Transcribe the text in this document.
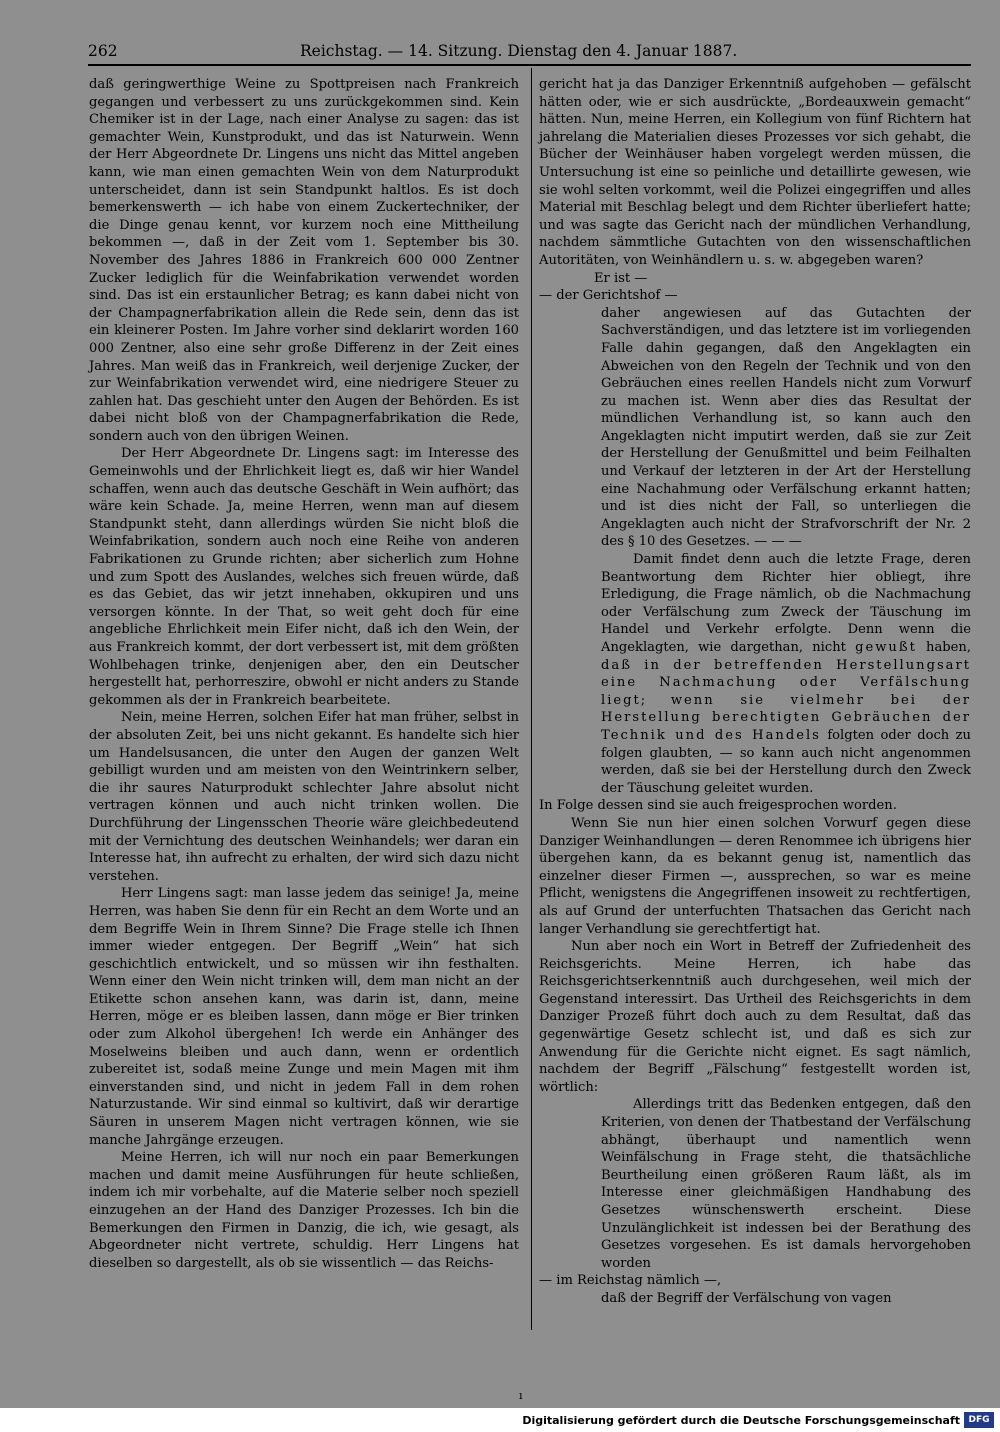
262	Reichstag. — 14. Sitzung. Dienstag den 4. Januar 1887.

daß geringwerthige Weine zu Spottpreisen nach Frankreich gegangen und verbessert zu uns zurückgekommen sind. Kein Chemiker ist in der Lage, nach einer Analyse zu sagen: das ist gemachter Wein, Kunstprodukt, und das ist Naturwein. Wenn der Herr Abgeordnete Dr. Lingens uns nicht das Mittel angeben kann, wie man einen gemachten Wein von dem Naturprodukt unterscheidet, dann ist sein Standpunkt haltlos. Es ist doch bemerkenswerth — ich habe von einem Zuckertechniker, der die Dinge genau kennt, vor kurzem noch eine Mittheilung bekommen —, daß in der Zeit vom 1. September bis 30. November des Jahres 1886 in Frankreich 600 000 Zentner Zucker lediglich für die Weinfabrikation verwendet worden sind. Das ist ein erstaunlicher Betrag; es kann dabei nicht von der Champagnerfabrikation allein die Rede sein, denn das ist ein kleinerer Posten. Im Jahre vorher sind deklarirt worden 160 000 Zentner, also eine sehr große Differenz in der Zeit eines Jahres. Man weiß das in Frankreich, weil derjenige Zucker, der zur Weinfabrikation verwendet wird, eine niedrigere Steuer zu zahlen hat. Das geschieht unter den Augen der Behörden. Es ist dabei nicht bloß von der Champagnerfabrikation die Rede, sondern auch von den übrigen Weinen.

Der Herr Abgeordnete Dr. Lingens sagt: im Interesse des Gemeinwohls und der Ehrlichkeit liegt es, daß wir hier Wandel schaffen, wenn auch das deutsche Geschäft in Wein aufhört; das wäre kein Schade. Ja, meine Herren, wenn man auf diesem Standpunkt steht, dann allerdings würden Sie nicht bloß die Weinfabrikation, sondern auch noch eine Reihe von anderen Fabrikationen zu Grunde richten; aber sicherlich zum Hohne und zum Spott des Auslandes, welches sich freuen würde, daß es das Gebiet, das wir jetzt innehaben, okkupiren und uns versorgen könnte. In der That, so weit geht doch für eine angebliche Ehrlichkeit mein Eifer nicht, daß ich den Wein, der aus Frankreich kommt, der dort verbessert ist, mit dem größten Wohlbehagen trinke, denjenigen aber, den ein Deutscher hergestellt hat, perhorreszire, obwohl er nicht anders zu Stande gekommen als der in Frankreich bearbeitete.

Nein, meine Herren, solchen Eifer hat man früher, selbst in der absoluten Zeit, bei uns nicht gekannt. Es handelte sich hier um Handelsusancen, die unter den Augen der ganzen Welt gebilligt wurden und am meisten von den Weintrinkern selber, die ihr saures Naturprodukt schlechter Jahre absolut nicht vertragen können und auch nicht trinken wollen. Die Durchführung der Lingensschen Theorie wäre gleichbedeutend mit der Vernichtung des deutschen Weinhandels; wer daran ein Interesse hat, ihn aufrecht zu erhalten, der wird sich dazu nicht verstehen.

Herr Lingens sagt: man lasse jedem das seinige! Ja, meine Herren, was haben Sie denn für ein Recht an dem Worte und an dem Begriffe Wein in Ihrem Sinne? Die Frage stelle ich Ihnen immer wieder entgegen. Der Begriff „Wein“ hat sich geschichtlich entwickelt, und so müssen wir ihn festhalten. Wenn einer den Wein nicht trinken will, dem man nicht an der Etikette schon ansehen kann, was darin ist, dann, meine Herren, möge er es bleiben lassen, dann möge er Bier trinken oder zum Alkohol übergehen! Ich werde ein Anhänger des Moselweins bleiben und auch dann, wenn er ordentlich zubereitet ist, sodaß meine Zunge und mein Magen mit ihm einverstanden sind, und nicht in jedem Fall in dem rohen Naturzustande. Wir sind einmal so kultivirt, daß wir derartige Säuren in unserem Magen nicht vertragen können, wie sie manche Jahrgänge erzeugen.

Meine Herren, ich will nur noch ein paar Bemerkungen machen und damit meine Ausführungen für heute schließen, indem ich mir vorbehalte, auf die Materie selber noch speziell einzugehen an der Hand des Danziger Prozesses. Ich bin die Bemerkungen den Firmen in Danzig, die ich, wie gesagt, als Abgeordneter nicht vertrete, schuldig. Herr Lingens hat dieselben so dargestellt, als ob sie wissentlich — das Reichs-

gericht hat ja das Danziger Erkenntniß aufgehoben — gefälscht hätten oder, wie er sich ausdrückte, „Bordeauxwein gemacht“ hätten. Nun, meine Herren, ein Kollegium von fünf Richtern hat jahrelang die Materialien dieses Prozesses vor sich gehabt, die Bücher der Weinhäuser haben vorgelegt werden müssen, die Untersuchung ist eine so peinliche und detaillirte gewesen, wie sie wohl selten vorkommt, weil die Polizei eingegriffen und alles Material mit Beschlag belegt und dem Richter überliefert hatte; und was sagte das Gericht nach der mündlichen Verhandlung, nachdem sämmtliche Gutachten von den wissenschaftlichen Autoritäten, von Weinhändlern u. s. w. abgegeben waren?

Er ist —

— der Gerichtshof —

daher angewiesen auf das Gutachten der Sachverständigen, und das letztere ist im vorliegenden Falle dahin gegangen, daß den Angeklagten ein Abweichen von den Regeln der Technik und von den Gebräuchen eines reellen Handels nicht zum Vorwurf zu machen ist. Wenn aber dies das Resultat der mündlichen Verhandlung ist, so kann auch den Angeklagten nicht imputirt werden, daß sie zur Zeit der Herstellung der Genußmittel und beim Feilhalten und Verkauf der letzteren in der Art der Herstellung eine Nachahmung oder Verfälschung erkannt hatten; und ist dies nicht der Fall, so unterliegen die Angeklagten auch nicht der Strafvorschrift der Nr. 2 des § 10 des Gesetzes. — — —

Damit findet denn auch die letzte Frage, deren Beantwortung dem Richter hier obliegt, ihre Erledigung, die Frage nämlich, ob die Nachmachung oder Verfälschung zum Zweck der Täuschung im Handel und Verkehr erfolgte. Denn wenn die Angeklagten, wie dargethan, nicht gewußt haben, daß in der betreffenden Herstellungsart eine Nachmachung oder Verfälschung liegt; wenn sie vielmehr bei der Herstellung berechtigten Gebräuchen der Technik und des Handels folgten oder doch zu folgen glaubten, — so kann auch nicht angenommen werden, daß sie bei der Herstellung durch den Zweck der Täuschung geleitet wurden.

In Folge dessen sind sie auch freigesprochen worden.

Wenn Sie nun hier einen solchen Vorwurf gegen diese Danziger Weinhandlungen — deren Renommee ich übrigens hier übergehen kann, da es bekannt genug ist, namentlich das einzelner dieser Firmen —, aussprechen, so war es meine Pflicht, wenigstens die Angegriffenen insoweit zu rechtfertigen, als auf Grund der unterfuchten Thatsachen das Gericht nach langer Verhandlung sie gerechtfertigt hat.

Nun aber noch ein Wort in Betreff der Zufriedenheit des Reichsgerichts. Meine Herren, ich habe das Reichsgerichtserkenntniß auch durchgesehen, weil mich der Gegenstand interessirt. Das Urtheil des Reichsgerichts in dem Danziger Prozeß führt doch auch zu dem Resultat, daß das gegenwärtige Gesetz schlecht ist, und daß es sich zur Anwendung für die Gerichte nicht eignet. Es sagt nämlich, nachdem der Begriff „Fälschung“ festgestellt worden ist, wörtlich:

Allerdings tritt das Bedenken entgegen, daß den Kriterien, von denen der Thatbestand der Verfälschung abhängt, überhaupt und namentlich wenn Weinfälschung in Frage steht, die thatsächliche Beurtheilung einen größeren Raum läßt, als im Interesse einer gleichmäßigen Handhabung des Gesetzes wünschenswerth erscheint. Diese Unzulänglichkeit ist indessen bei der Berathung des Gesetzes vorgesehen. Es ist damals hervorgehoben worden

— im Reichstag nämlich —,

daß der Begriff der Verfälschung von vagen

ı
Digitalisierung gefördert durch die Deutsche Forschungsgemeinschaft DFG
